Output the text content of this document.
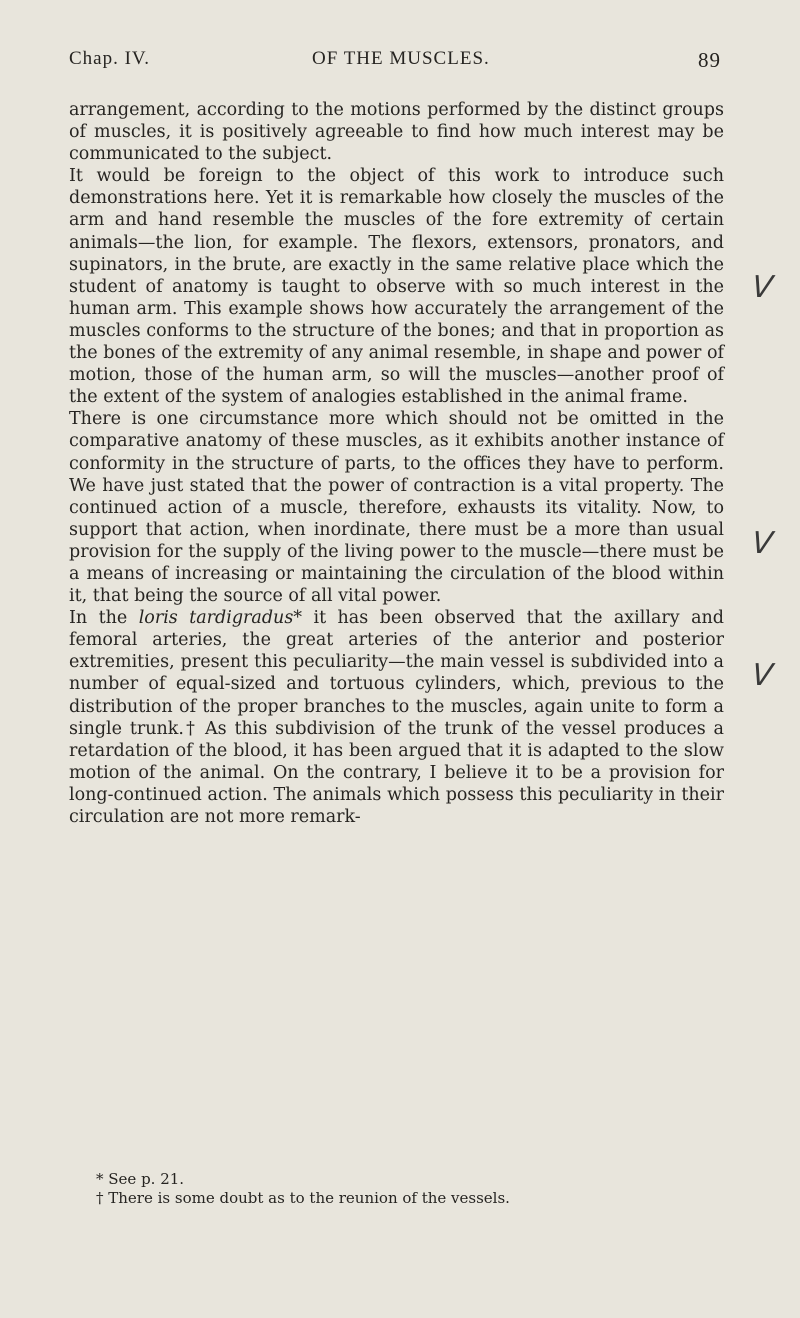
Chap. IV.	OF THE MUSCLES.	89

arrangement, according to the motions performed by the distinct groups of muscles, it is positively agreeable to find how much interest may be communicated to the subject.

It would be foreign to the object of this work to introduce such demonstrations here. Yet it is remarkable how closely the muscles of the arm and hand resemble the muscles of the fore extremity of certain animals—the lion, for example. The flexors, extensors, pronators, and supinators, in the brute, are exactly in the same relative place which the student of anatomy is taught to observe with so much interest in the human arm. This example shows how accurately the arrangement of the muscles conforms to the structure of the bones; and that in proportion as the bones of the extremity of any animal resemble, in shape and power of motion, those of the human arm, so will the muscles—another proof of the extent of the system of analogies established in the animal frame.

There is one circumstance more which should not be omitted in the comparative anatomy of these muscles, as it exhibits another instance of conformity in the structure of parts, to the offices they have to perform. We have just stated that the power of contraction is a vital property. The continued action of a muscle, therefore, exhausts its vitality. Now, to support that action, when inordinate, there must be a more than usual provision for the supply of the living power to the muscle—there must be a means of increasing or maintaining the circulation of the blood within it, that being the source of all vital power.

In the loris tardigradus* it has been observed that the axillary and femoral arteries, the great arteries of the anterior and posterior extremities, present this peculiarity—the main vessel is subdivided into a number of equal-sized and tortuous cylinders, which, previous to the distribution of the proper branches to the muscles, again unite to form a single trunk.† As this subdivision of the trunk of the vessel produces a retardation of the blood, it has been argued that it is adapted to the slow motion of the animal. On the contrary, I believe it to be a provision for long-continued action. The animals which possess this peculiarity in their circulation are not more remark-

* See p. 21.
† There is some doubt as to the reunion of the vessels.
V
V
V
